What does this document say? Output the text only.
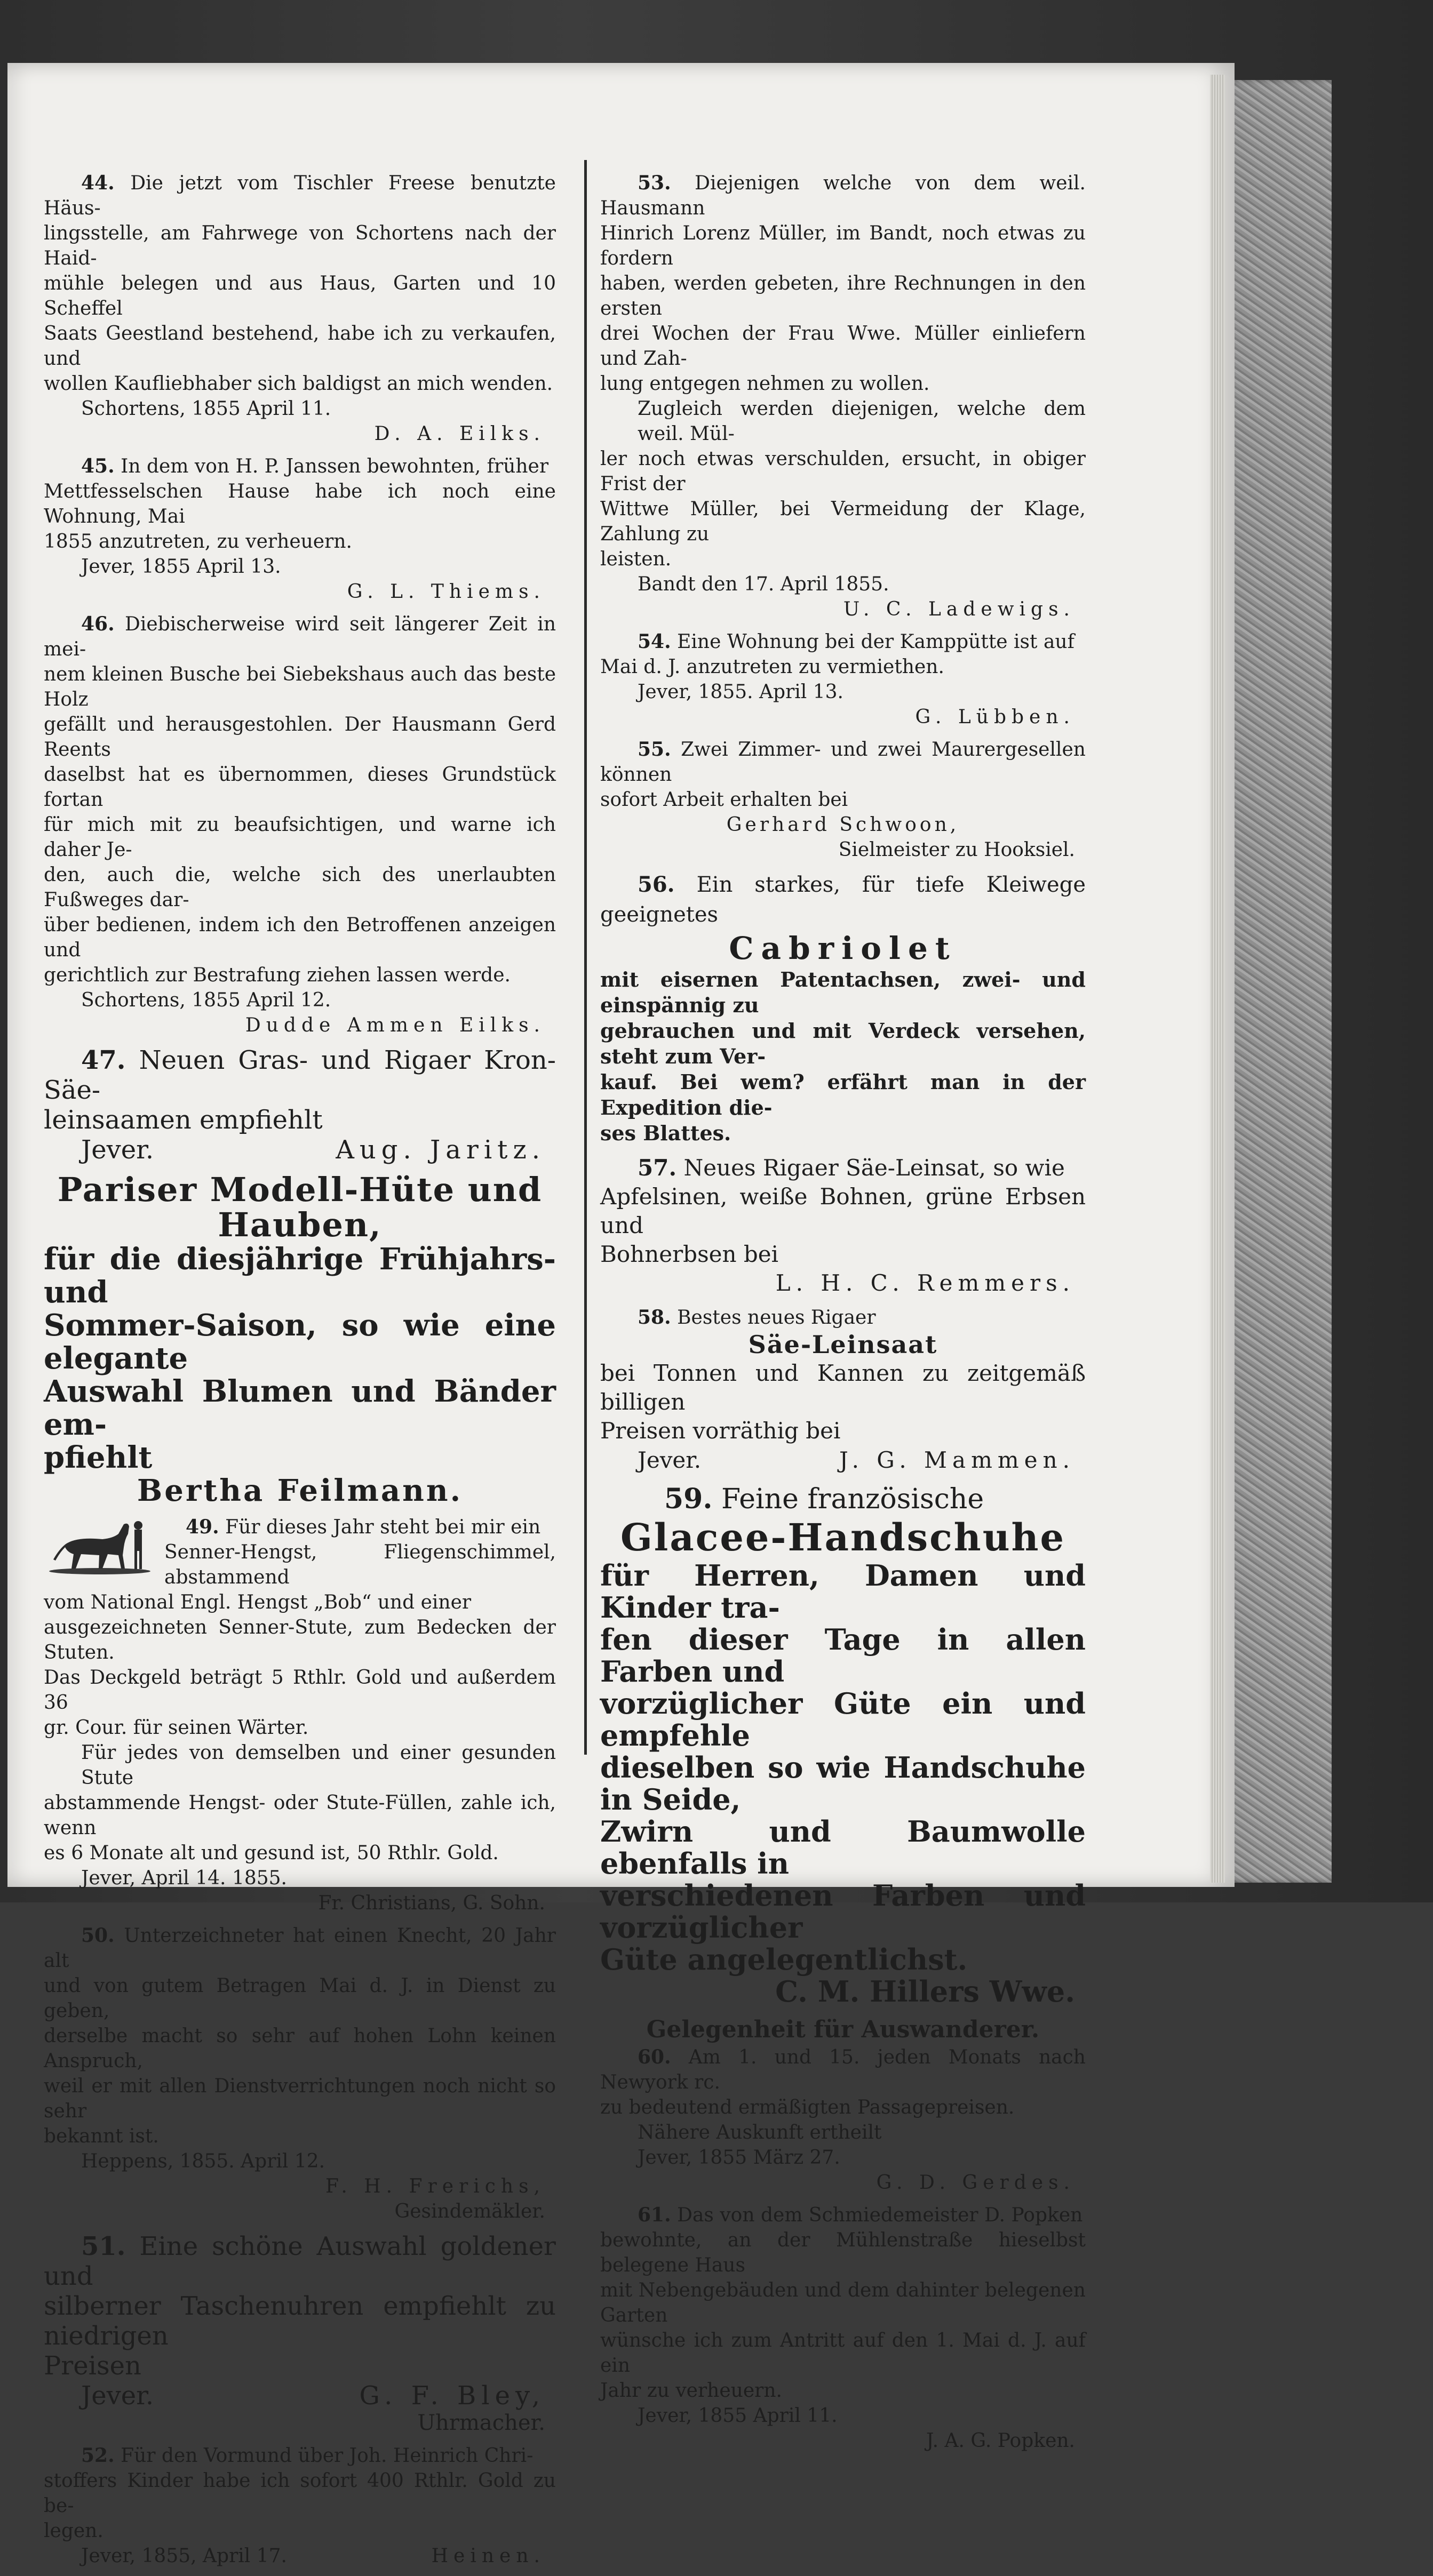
44. Die jetzt vom Tischler Freese benutzte Häus-
lingsstelle, am Fahrwege von Schortens nach der Haid-
mühle belegen und aus Haus, Garten und 10 Scheffel
Saats Geestland bestehend, habe ich zu verkaufen, und
wollen Kaufliebhaber sich baldigst an mich wenden.

Schortens, 1855 April 11.

D. A. Eilks.

45. In dem von H. P. Janssen bewohnten, früher
Mettfesselschen Hause habe ich noch eine Wohnung, Mai
1855 anzutreten, zu verheuern.

Jever, 1855 April 13.

G. L. Thiems.

46. Diebischerweise wird seit längerer Zeit in mei-
nem kleinen Busche bei Siebekshaus auch das beste Holz
gefällt und herausgestohlen. Der Hausmann Gerd Reents
daselbst hat es übernommen, dieses Grundstück fortan
für mich mit zu beaufsichtigen, und warne ich daher Je-
den, auch die, welche sich des unerlaubten Fußweges dar-
über bedienen, indem ich den Betroffenen anzeigen und
gerichtlich zur Bestrafung ziehen lassen werde.

Schortens, 1855 April 12.

Dudde Ammen Eilks.

47. Neuen Gras- und Rigaer Kron-Säe-
leinsaamen empfiehlt

Jever.	Aug. Jaritz.

Pariser Modell-Hüte und

Hauben,

für die diesjährige Frühjahrs- und
Sommer-Saison, so wie eine elegante
Auswahl Blumen und Bänder em-
pfiehlt

Bertha Feilmann.

49. Für dieses Jahr steht bei mir ein
Senner-Hengst, Fliegenschimmel, abstammend
vom National Engl. Hengst „Bob“ und einer
ausgezeichneten Senner-Stute, zum Bedecken der Stuten.
Das Deckgeld beträgt 5 Rthlr. Gold und außerdem 36
gr. Cour. für seinen Wärter.
Für jedes von demselben und einer gesunden Stute
abstammende Hengst- oder Stute-Füllen, zahle ich, wenn
es 6 Monate alt und gesund ist, 50 Rthlr. Gold.

Jever, April 14. 1855.

Fr. Christians, G. Sohn.

50. Unterzeichneter hat einen Knecht, 20 Jahr alt
und von gutem Betragen Mai d. J. in Dienst zu geben,
derselbe macht so sehr auf hohen Lohn keinen Anspruch,
weil er mit allen Dienstverrichtungen noch nicht so sehr
bekannt ist.

Heppens, 1855. April 12.

F. H. Frerichs,

Gesindemäkler.

51. Eine schöne Auswahl goldener und
silberner Taschenuhren empfiehlt zu niedrigen
Preisen

Jever.	G. F. Bley,

Uhrmacher.

52. Für den Vormund über Joh. Heinrich Chri-
stoffers Kinder habe ich sofort 400 Rthlr. Gold zu be-
legen.

Jever, 1855, April 17.	Heinen.

53. Diejenigen welche von dem weil. Hausmann
Hinrich Lorenz Müller, im Bandt, noch etwas zu fordern
haben, werden gebeten, ihre Rechnungen in den ersten
drei Wochen der Frau Wwe. Müller einliefern und Zah-
lung entgegen nehmen zu wollen.
Zugleich werden diejenigen, welche dem weil. Mül-
ler noch etwas verschulden, ersucht, in obiger Frist der
Wittwe Müller, bei Vermeidung der Klage, Zahlung zu
leisten.

Bandt den 17. April 1855.

U. C. Ladewigs.

54. Eine Wohnung bei der Kamppütte ist auf
Mai d. J. anzutreten zu vermiethen.

Jever, 1855. April 13.

G. Lübben.

55. Zwei Zimmer- und zwei Maurergesellen können
sofort Arbeit erhalten bei

Gerhard Schwoon,

Sielmeister zu Hooksiel.

56. Ein starkes, für tiefe Kleiwege geeignetes

Cabriolet

mit eisernen Patentachsen, zwei- und einspännig zu
gebrauchen und mit Verdeck versehen, steht zum Ver-
kauf. Bei wem? erfährt man in der Expedition die-
ses Blattes.

57. Neues Rigaer Säe-Leinsat, so wie
Apfelsinen, weiße Bohnen, grüne Erbsen und
Bohnerbsen bei

L. H. C. Remmers.

58. Bestes neues Rigaer

Säe-Leinsaat

bei Tonnen und Kannen zu zeitgemäß billigen
Preisen vorräthig bei

Jever.	J. G. Mammen.

59. Feine französische

Glacee-Handschuhe

für Herren, Damen und Kinder tra-
fen dieser Tage in allen Farben und
vorzüglicher Güte ein und empfehle
dieselben so wie Handschuhe in Seide,
Zwirn und Baumwolle ebenfalls in
verschiedenen Farben und vorzüglicher
Güte angelegentlichst.

C. M. Hillers Wwe.

Gelegenheit für Auswanderer.

60. Am 1. und 15. jeden Monats nach Newyork rc.
zu bedeutend ermäßigten Passagepreisen.
Nähere Auskunft ertheilt

Jever, 1855 März 27.

G. D. Gerdes.

61. Das von dem Schmiedemeister D. Popken
bewohnte, an der Mühlenstraße hieselbst belegene Haus
mit Nebengebäuden und dem dahinter belegenen Garten
wünsche ich zum Antritt auf den 1. Mai d. J. auf ein
Jahr zu verheuern.

Jever, 1855 April 11.

J. A. G. Popken.
